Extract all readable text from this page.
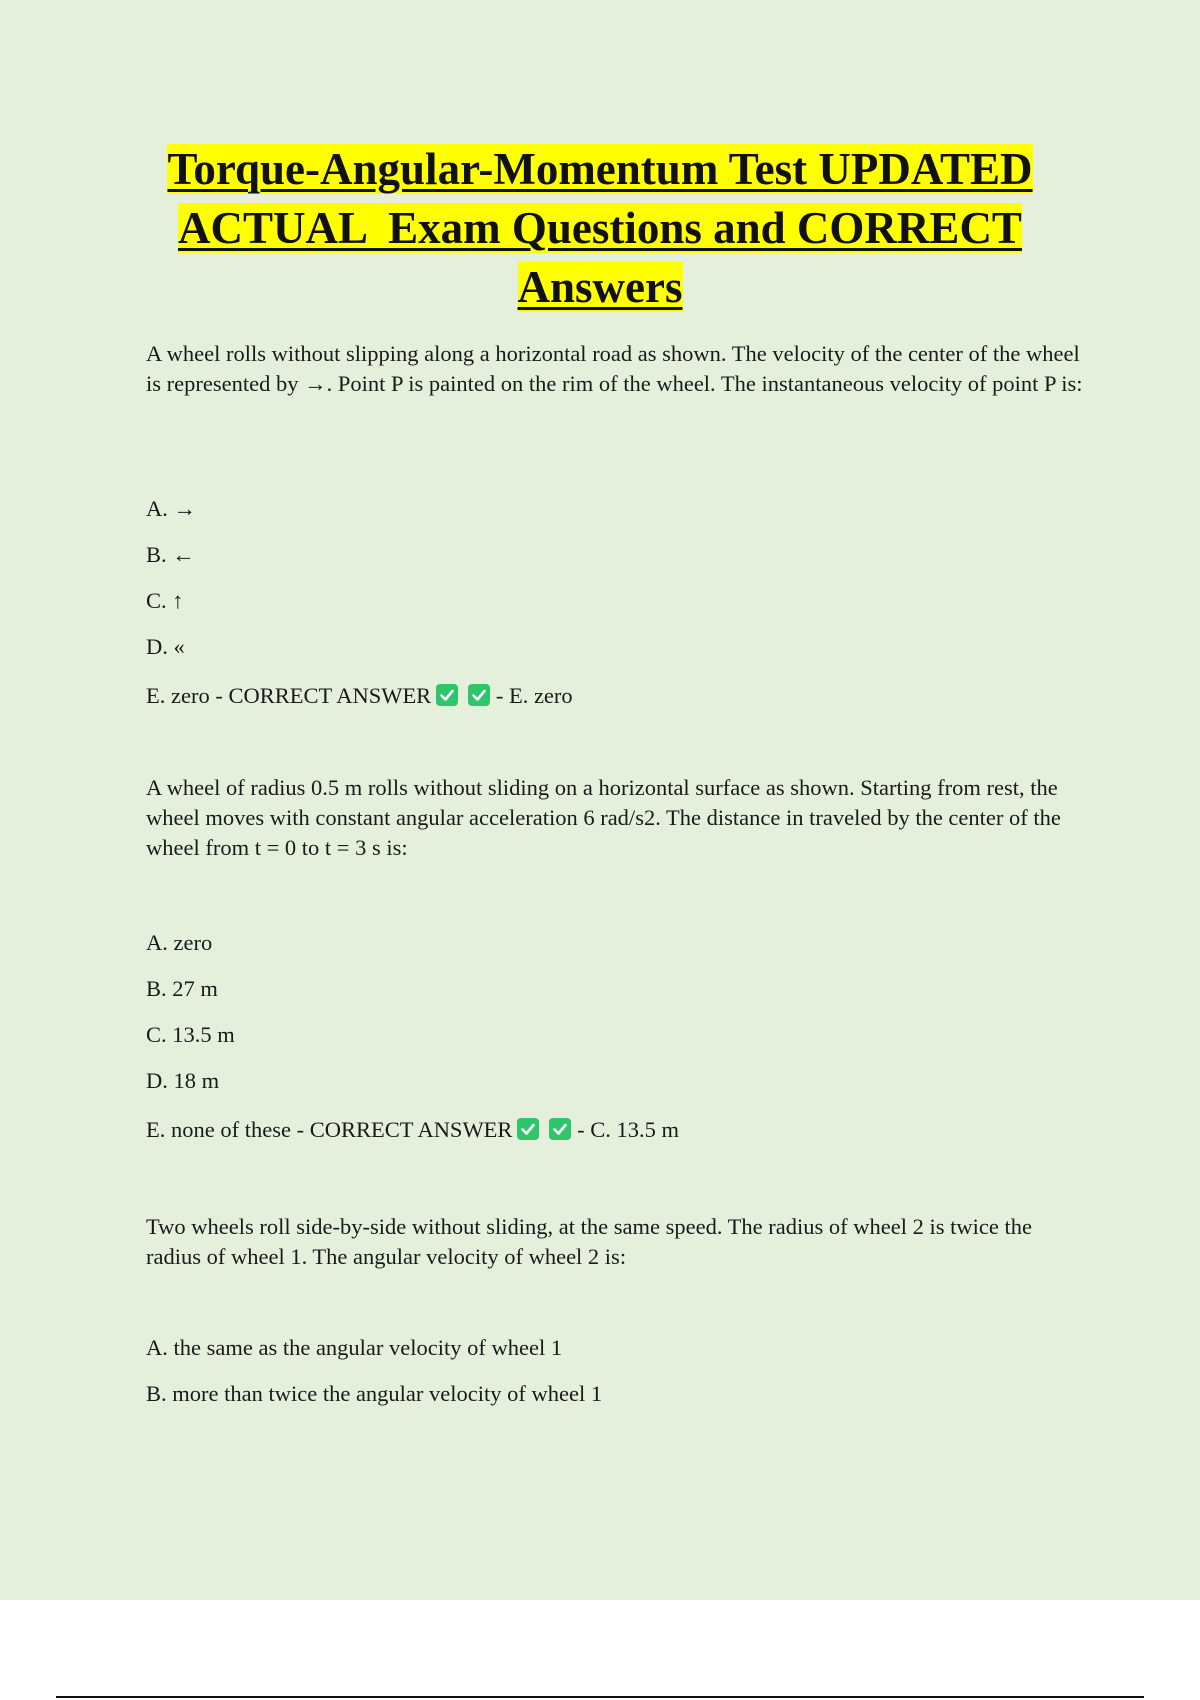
Torque-Angular-Momentum Test UPDATED
ACTUAL  Exam Questions and CORRECT
Answers
A wheel rolls without slipping along a horizontal road as shown. The velocity of the center of the wheel is represented by →. Point P is painted on the rim of the wheel. The instantaneous velocity of point P is:
A. →
B. ←
C. ↑
D. «
E. zero - CORRECT ANSWER	- E. zero
A wheel of radius 0.5 m rolls without sliding on a horizontal surface as shown. Starting from rest, the wheel moves with constant angular acceleration 6 rad/s2. The distance in traveled by the center of the wheel from t = 0 to t = 3 s is:
A. zero
B. 27 m
C. 13.5 m
D. 18 m
E. none of these - CORRECT ANSWER	- C. 13.5 m
Two wheels roll side-by-side without sliding, at the same speed. The radius of wheel 2 is twice the radius of wheel 1. The angular velocity of wheel 2 is:
A. the same as the angular velocity of wheel 1
B. more than twice the angular velocity of wheel 1
